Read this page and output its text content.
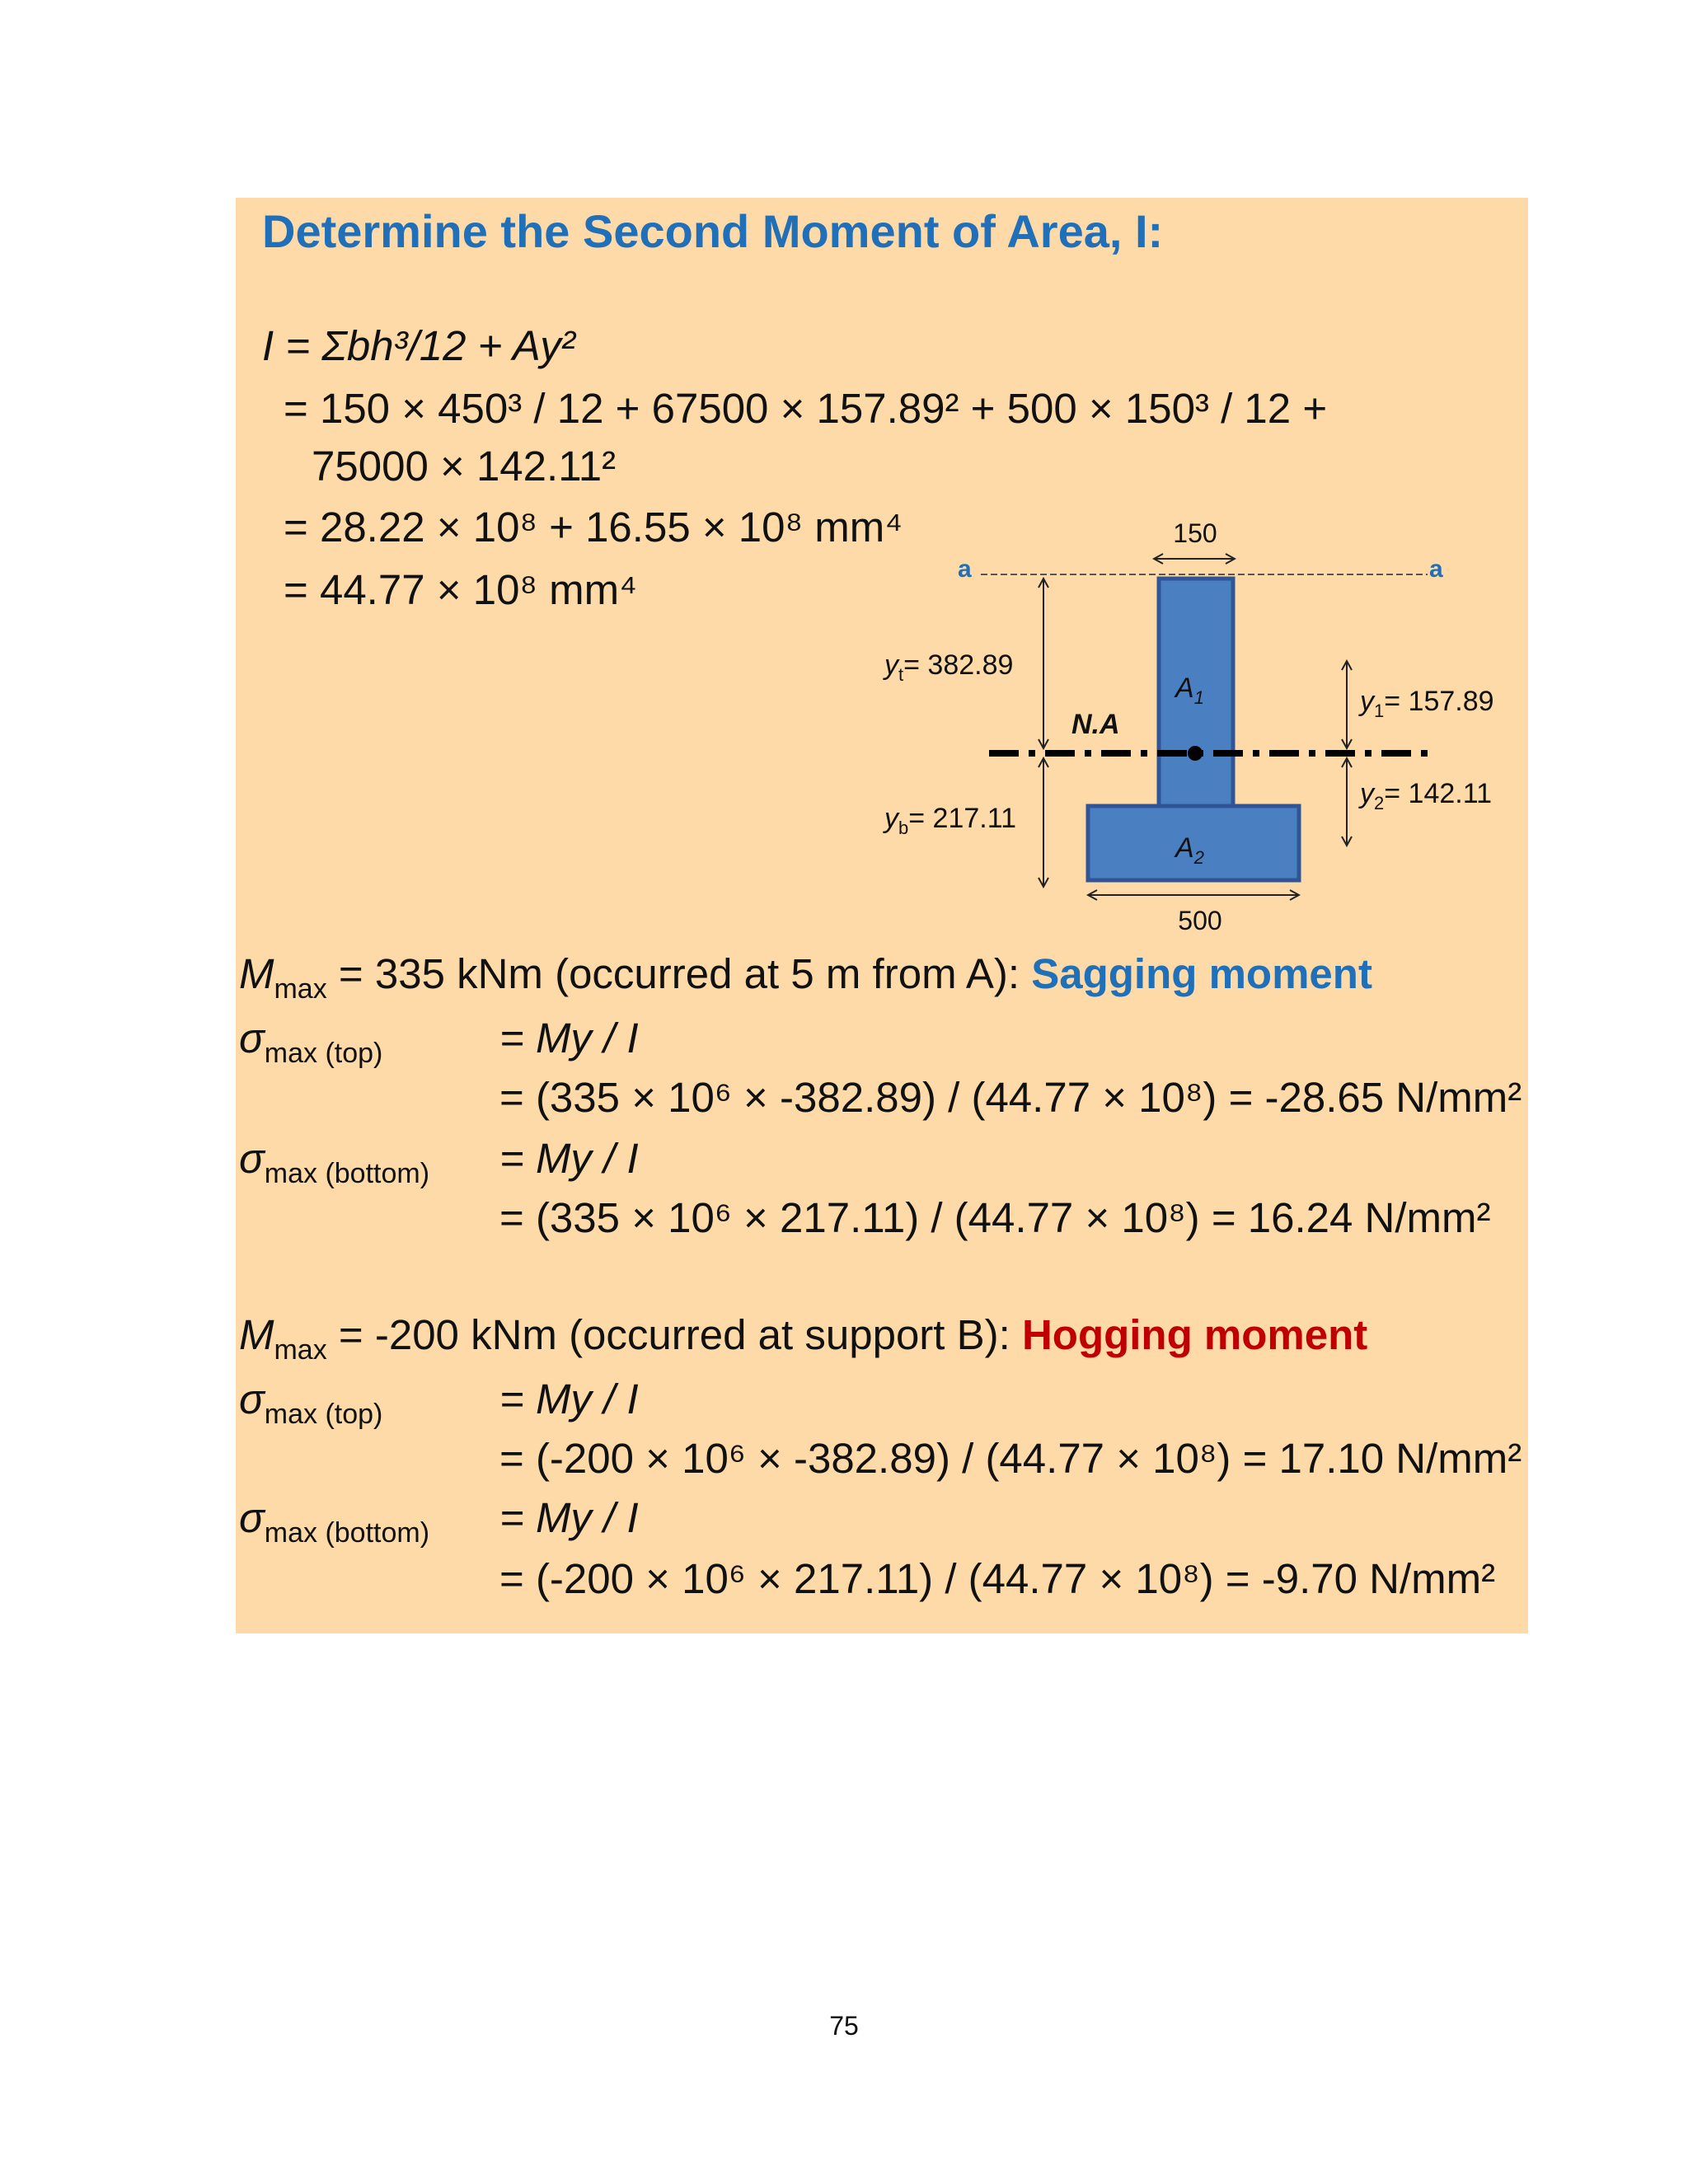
Determine the Second Moment of Area, I:
I = Σbh³/12 + Ay²
= 150 × 450³ / 12 + 67500 × 157.89² + 500 × 150³ / 12 +
75000 × 142.11²
= 28.22 × 10⁸ + 16.55 × 10⁸ mm⁴
= 44.77 × 10⁸ mm⁴
$M_{max} = 335$ kNm (occurred at 5 m from A): Sagging moment
$\sigma_{max (top)}$	= My / I
= (335 × 10⁶ × -382.89) / (44.77 × 10⁸) = -28.65 N/mm²
$\sigma_{max (bottom)} = My / I$
= (335 × 10⁶ × 217.11) / (44.77 × 10⁸) = 16.24 N/mm²
$M_{max} = -200$ kNm (occurred at support B): Hogging moment
$\sigma_{max (top)}$	= My / I
= (-200 × 10⁶ × -382.89) / (44.77 × 10⁸) = 17.10 N/mm²
$\sigma_{max (bottom)} = My / I$
= (-200 × 10⁶ × 217.11) / (44.77 × 10⁸) = -9.70 N/mm²
a	a
150
$A_1$
$A_2$
500
N.A
$y_t= 382.89$
$y_b= 217.11$
$y_1= 157.89$
$y_2= 142.11$
75
